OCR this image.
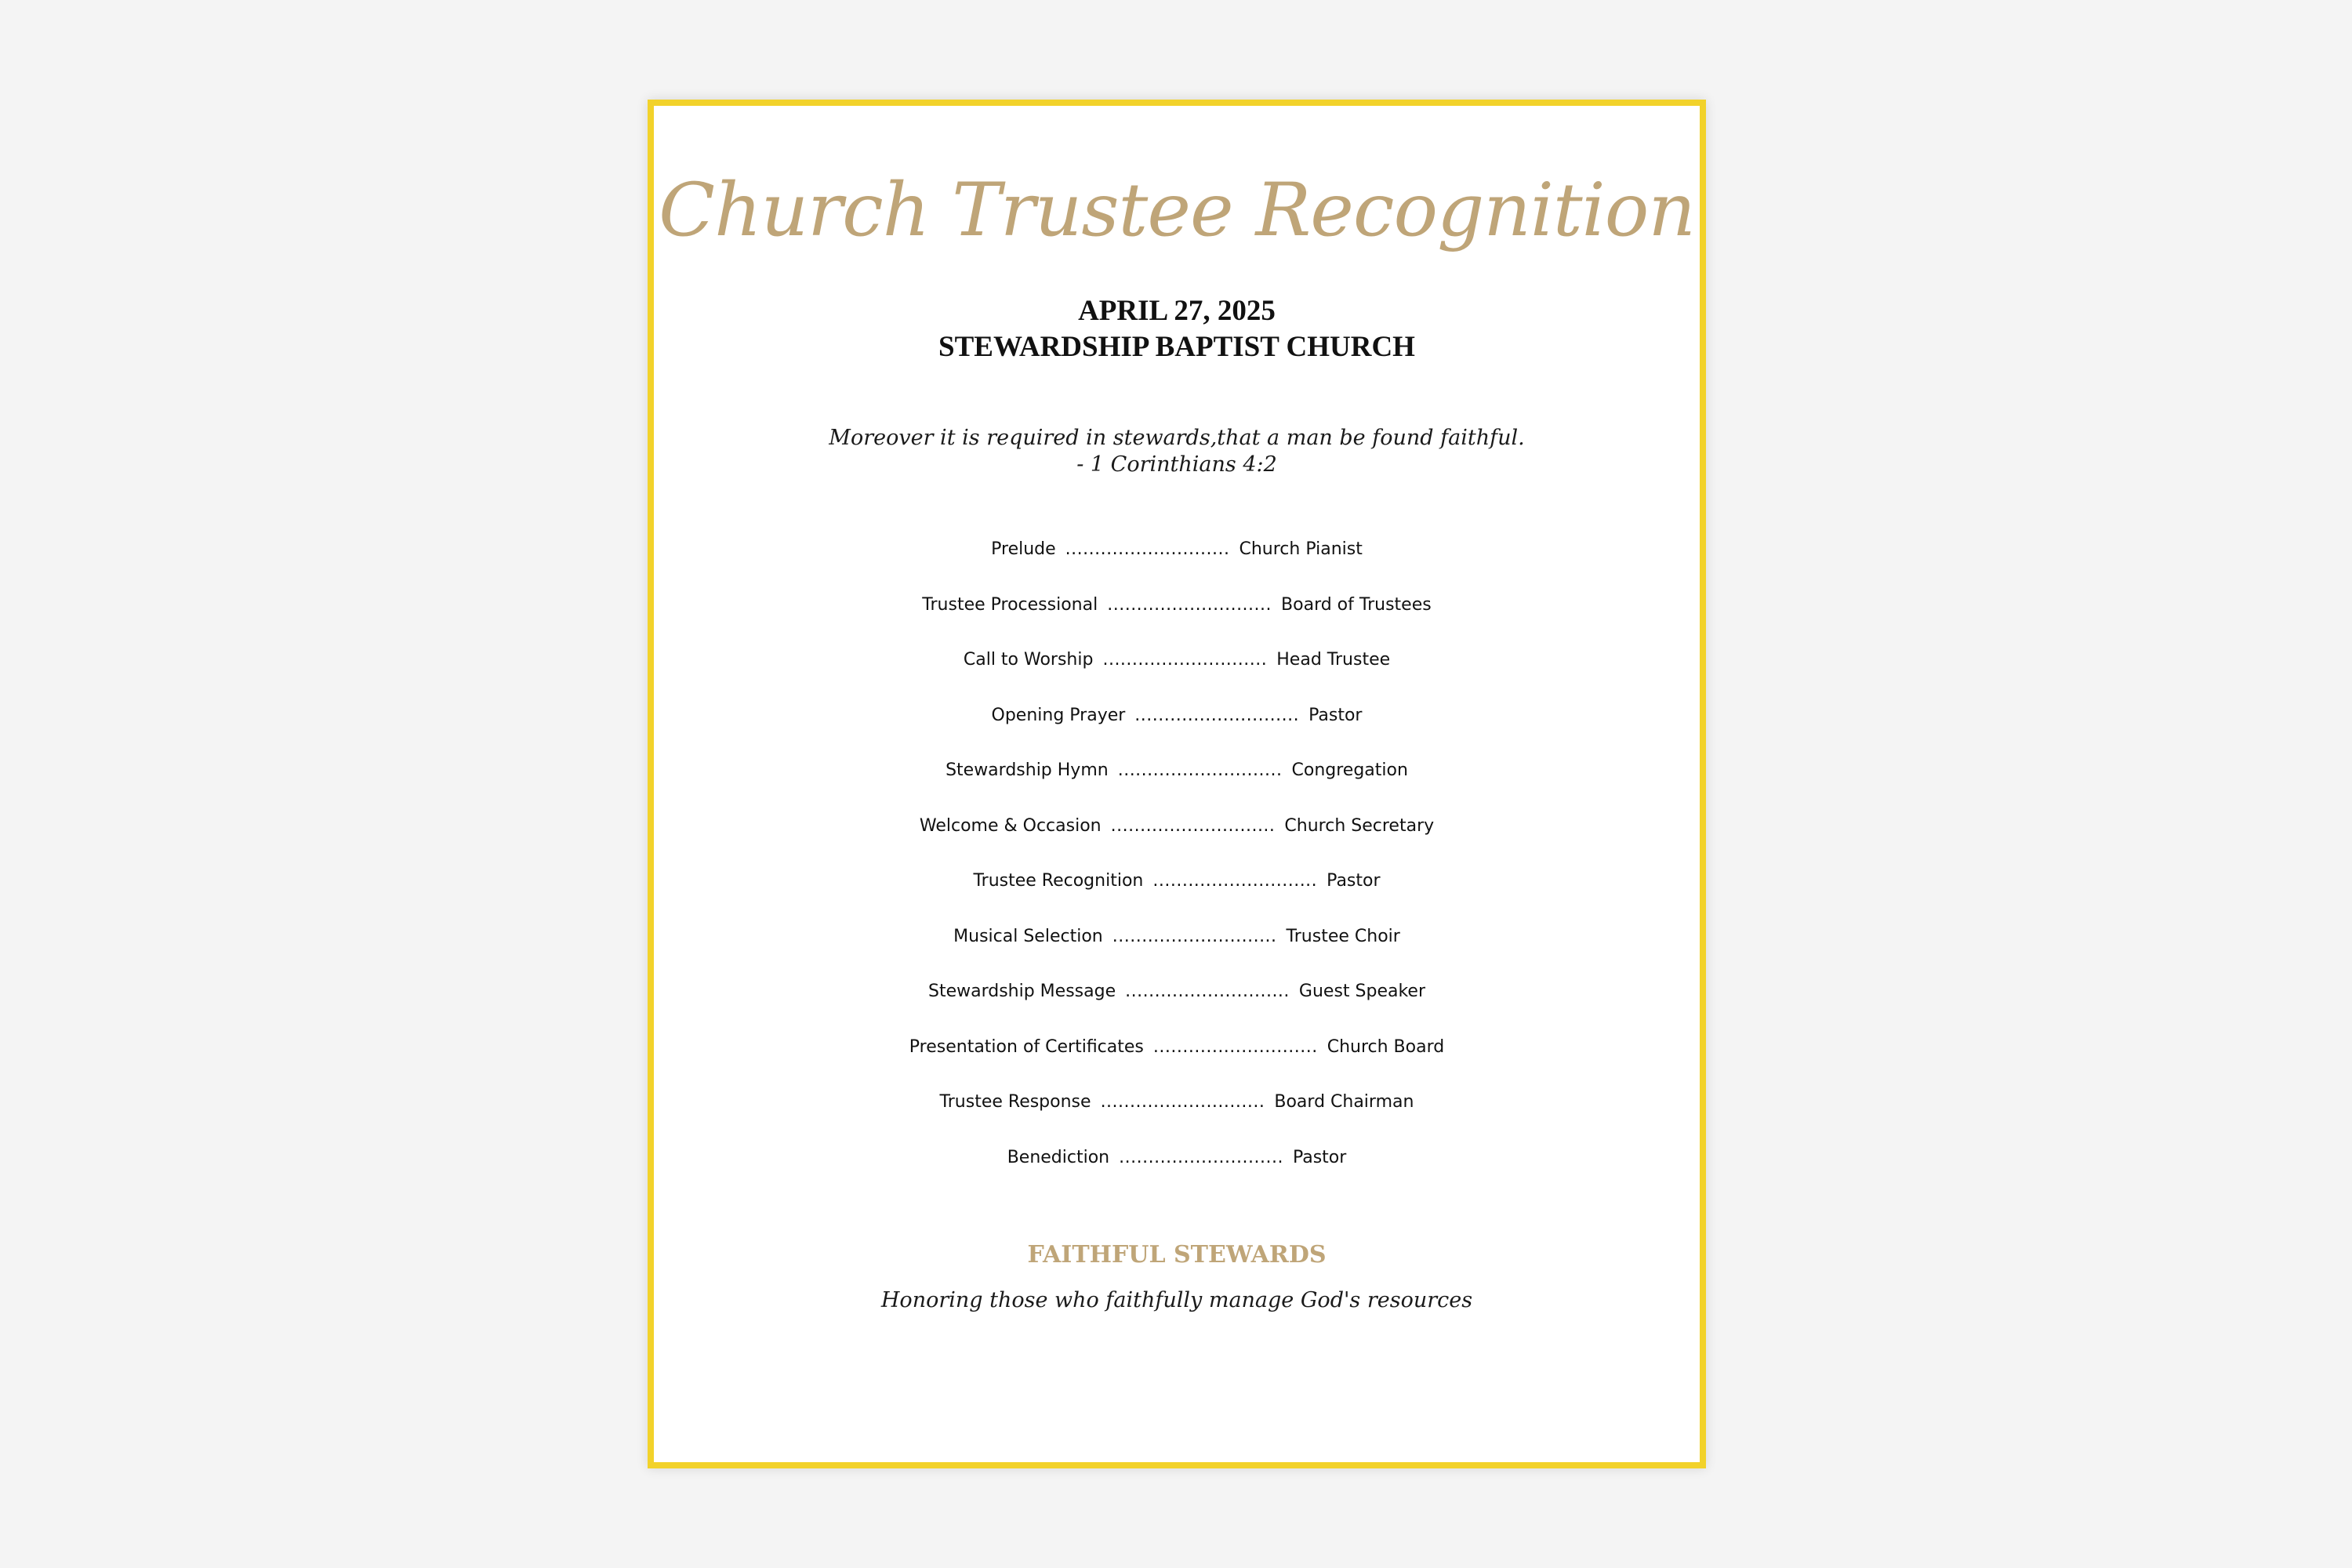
Church Trustee Recognition
APRIL 27, 2025
STEWARDSHIP BAPTIST CHURCH
Moreover it is required in stewards,that a man be found faithful.
- 1 Corinthians 4:2
Prelude ............................ Church Pianist
Trustee Processional ............................ Board of Trustees
Call to Worship ............................ Head Trustee
Opening Prayer ............................ Pastor
Stewardship Hymn ............................ Congregation
Welcome & Occasion ............................ Church Secretary
Trustee Recognition ............................ Pastor
Musical Selection ............................ Trustee Choir
Stewardship Message ............................ Guest Speaker
Presentation of Certificates ............................ Church Board
Trustee Response ............................ Board Chairman
Benediction ............................ Pastor
FAITHFUL STEWARDS
Honoring those who faithfully manage God's resources
